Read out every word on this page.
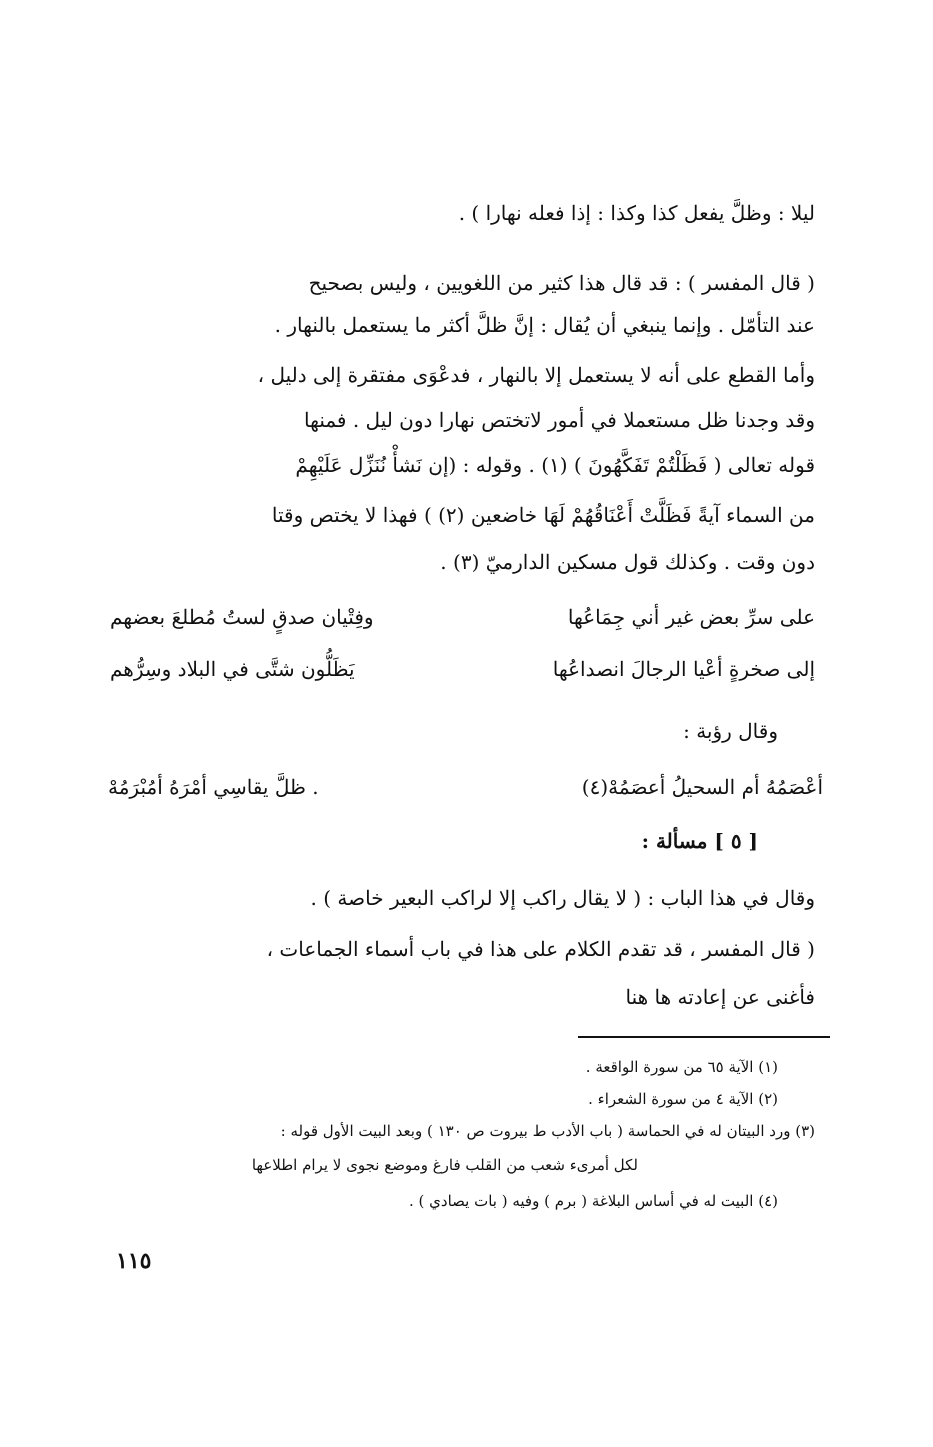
ليلا : وظلَّ يفعل كذا وكذا : إذا فعله نهارا ) .
( قال المفسر ) : قد قال هذا كثير من اللغويين ، وليس بصحيح
عند التأمّل . وإنما ينبغي أن يُقال : إنَّ ظلَّ أكثر ما يستعمل بالنهار .
وأما القطع على أنه لا يستعمل إلا بالنهار ، فدعْوَى مفتقرة إلى دليل ،
وقد وجدنا ظل مستعملا في أمور لاتختص نهارا دون ليل . فمنها
قوله تعالى ( فَظَلْتُمْ تَفَكَّهُونَ ) (١) . وقوله : (إن نَشأْ نُنَزِّل عَلَيْهِمْ
من السماء آيةً فَظَلَّتْ أَعْنَاقُهُمْ لَهَا خاضعين (٢) ) فهذا لا يختص وقتا
دون وقت . وكذلك قول مسكين الدارميّ (٣) .
وفِتْيان صدقٍ لستُ مُطلعَ بعضهم	على سرِّ بعض غير أني جِمَاعُها
يَظَلُّون شتَّى في البلاد وسِرُّهم	إلى صخرةٍ أعْيا الرجالَ انصداعُها
وقال رؤبة :
. ظلَّ يقاسِي أمْرَهُ أمُبْرَمُهْ	أعْصَمُهُ أم السحيلُ أعصَمُهْ(٤)
[ ٥ ] مسألة :
وقال في هذا الباب : ( لا يقال راكب إلا لراكب البعير خاصة ) .
( قال المفسر ، قد تقدم الكلام على هذا في باب أسماء الجماعات ،
فأغنى عن إعادته ها هنا
(١) الآية ٦٥ من سورة الواقعة .
(٢) الآية ٤ من سورة الشعراء .
(٣) ورد البيتان له في الحماسة ( باب الأدب ط بيروت ص ١٣٠ ) وبعد البيت الأول قوله :
لكل أمرىء شعب من القلب فارغ وموضع نجوى لا يرام اطلاعها
(٤) البيت له في أساس البلاغة ( برم ) وفيه ( بات يصادي ) .
١١٥
